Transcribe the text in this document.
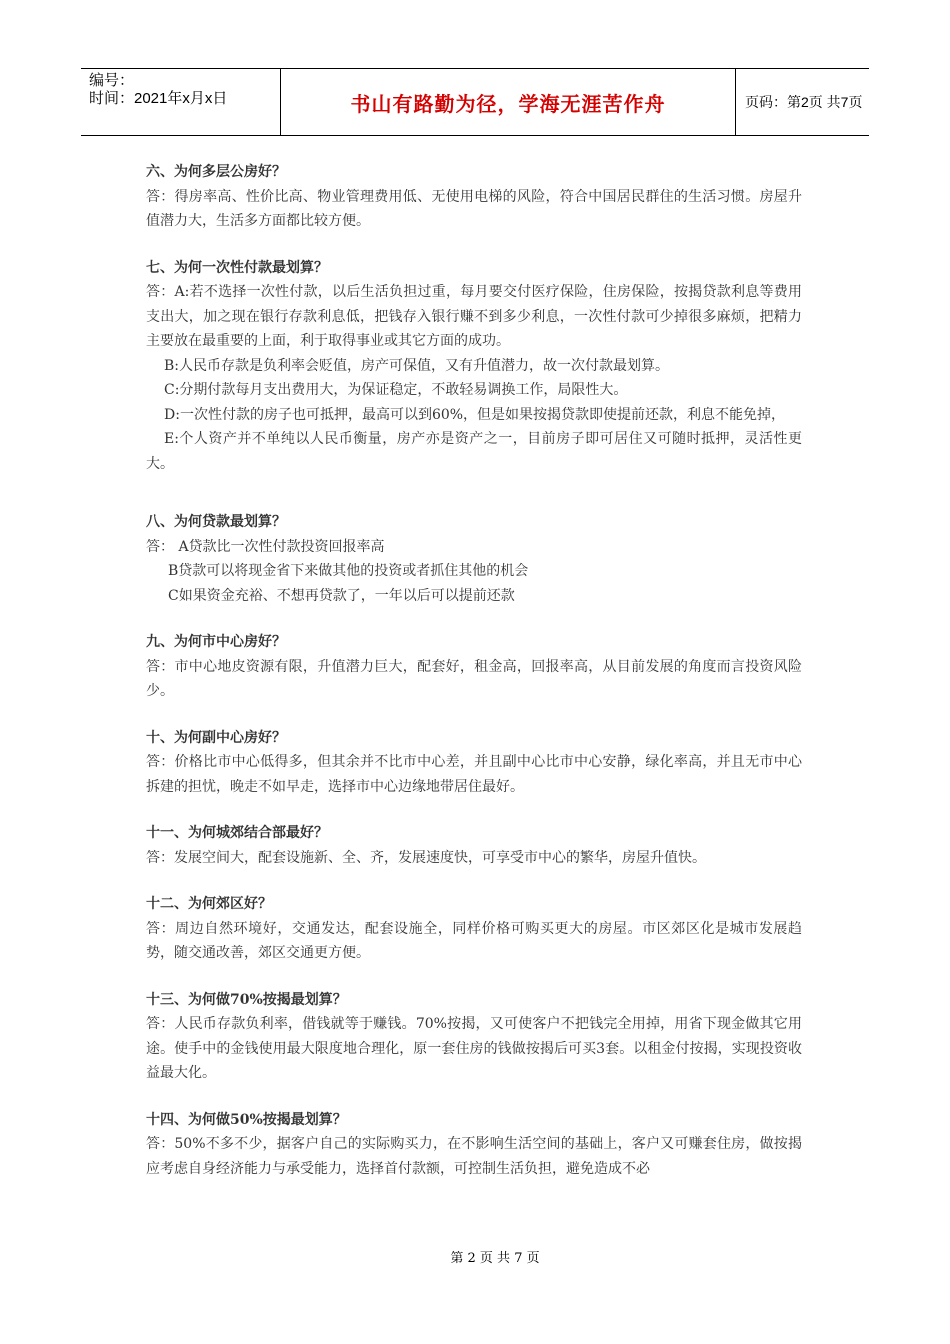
编号：
时间：2021年x月x日	书山有路勤为径，学海无涯苦作舟	页码：第2页 共7页
六、为何多层公房好？
答：得房率高、性价比高、物业管理费用低、无使用电梯的风险，符合中国居民群住的生活习惯。房屋升值潜力大，生活多方面都比较方便。
七、为何一次性付款最划算？
答：A:若不选择一次性付款，以后生活负担过重，每月要交付医疗保险，住房保险，按揭贷款利息等费用支出大，加之现在银行存款利息低，把钱存入银行赚不到多少利息，一次性付款可少掉很多麻烦，把精力主要放在最重要的上面，利于取得事业或其它方面的成功。
B:人民币存款是负利率会贬值，房产可保值，又有升值潜力，故一次付款最划算。
C:分期付款每月支出费用大，为保证稳定，不敢轻易调换工作，局限性大。
D:一次性付款的房子也可抵押，最高可以到60%，但是如果按揭贷款即使提前还款，利息不能免掉，
E:个人资产并不单纯以人民币衡量，房产亦是资产之一，目前房子即可居住又可随时抵押，灵活性更大。
八、为何贷款最划算？
答： A贷款比一次性付款投资回报率高
B贷款可以将现金省下来做其他的投资或者抓住其他的机会
C如果资金充裕、不想再贷款了，一年以后可以提前还款
九、为何市中心房好？
答：市中心地皮资源有限，升值潜力巨大，配套好，租金高，回报率高，从目前发展的角度而言投资风险少。
十、为何副中心房好？
答：价格比市中心低得多，但其余并不比市中心差，并且副中心比市中心安静，绿化率高，并且无市中心拆建的担忧，晚走不如早走，选择市中心边缘地带居住最好。
十一、为何城郊结合部最好？
答：发展空间大，配套设施新、全、齐，发展速度快，可享受市中心的繁华，房屋升值快。
十二、为何郊区好？
答：周边自然环境好，交通发达，配套设施全，同样价格可购买更大的房屋。市区郊区化是城市发展趋势，随交通改善，郊区交通更方便。
十三、为何做70%按揭最划算？
答：人民币存款负利率，借钱就等于赚钱。70%按揭，又可使客户不把钱完全用掉，用省下现金做其它用途。使手中的金钱使用最大限度地合理化，原一套住房的钱做按揭后可买3套。以租金付按揭，实现投资收益最大化。
十四、为何做50%按揭最划算？
答：50%不多不少，据客户自己的实际购买力，在不影响生活空间的基础上，客户又可赚套住房，做按揭应考虑自身经济能力与承受能力，选择首付款额，可控制生活负担，避免造成不必
第 2 页 共 7 页
